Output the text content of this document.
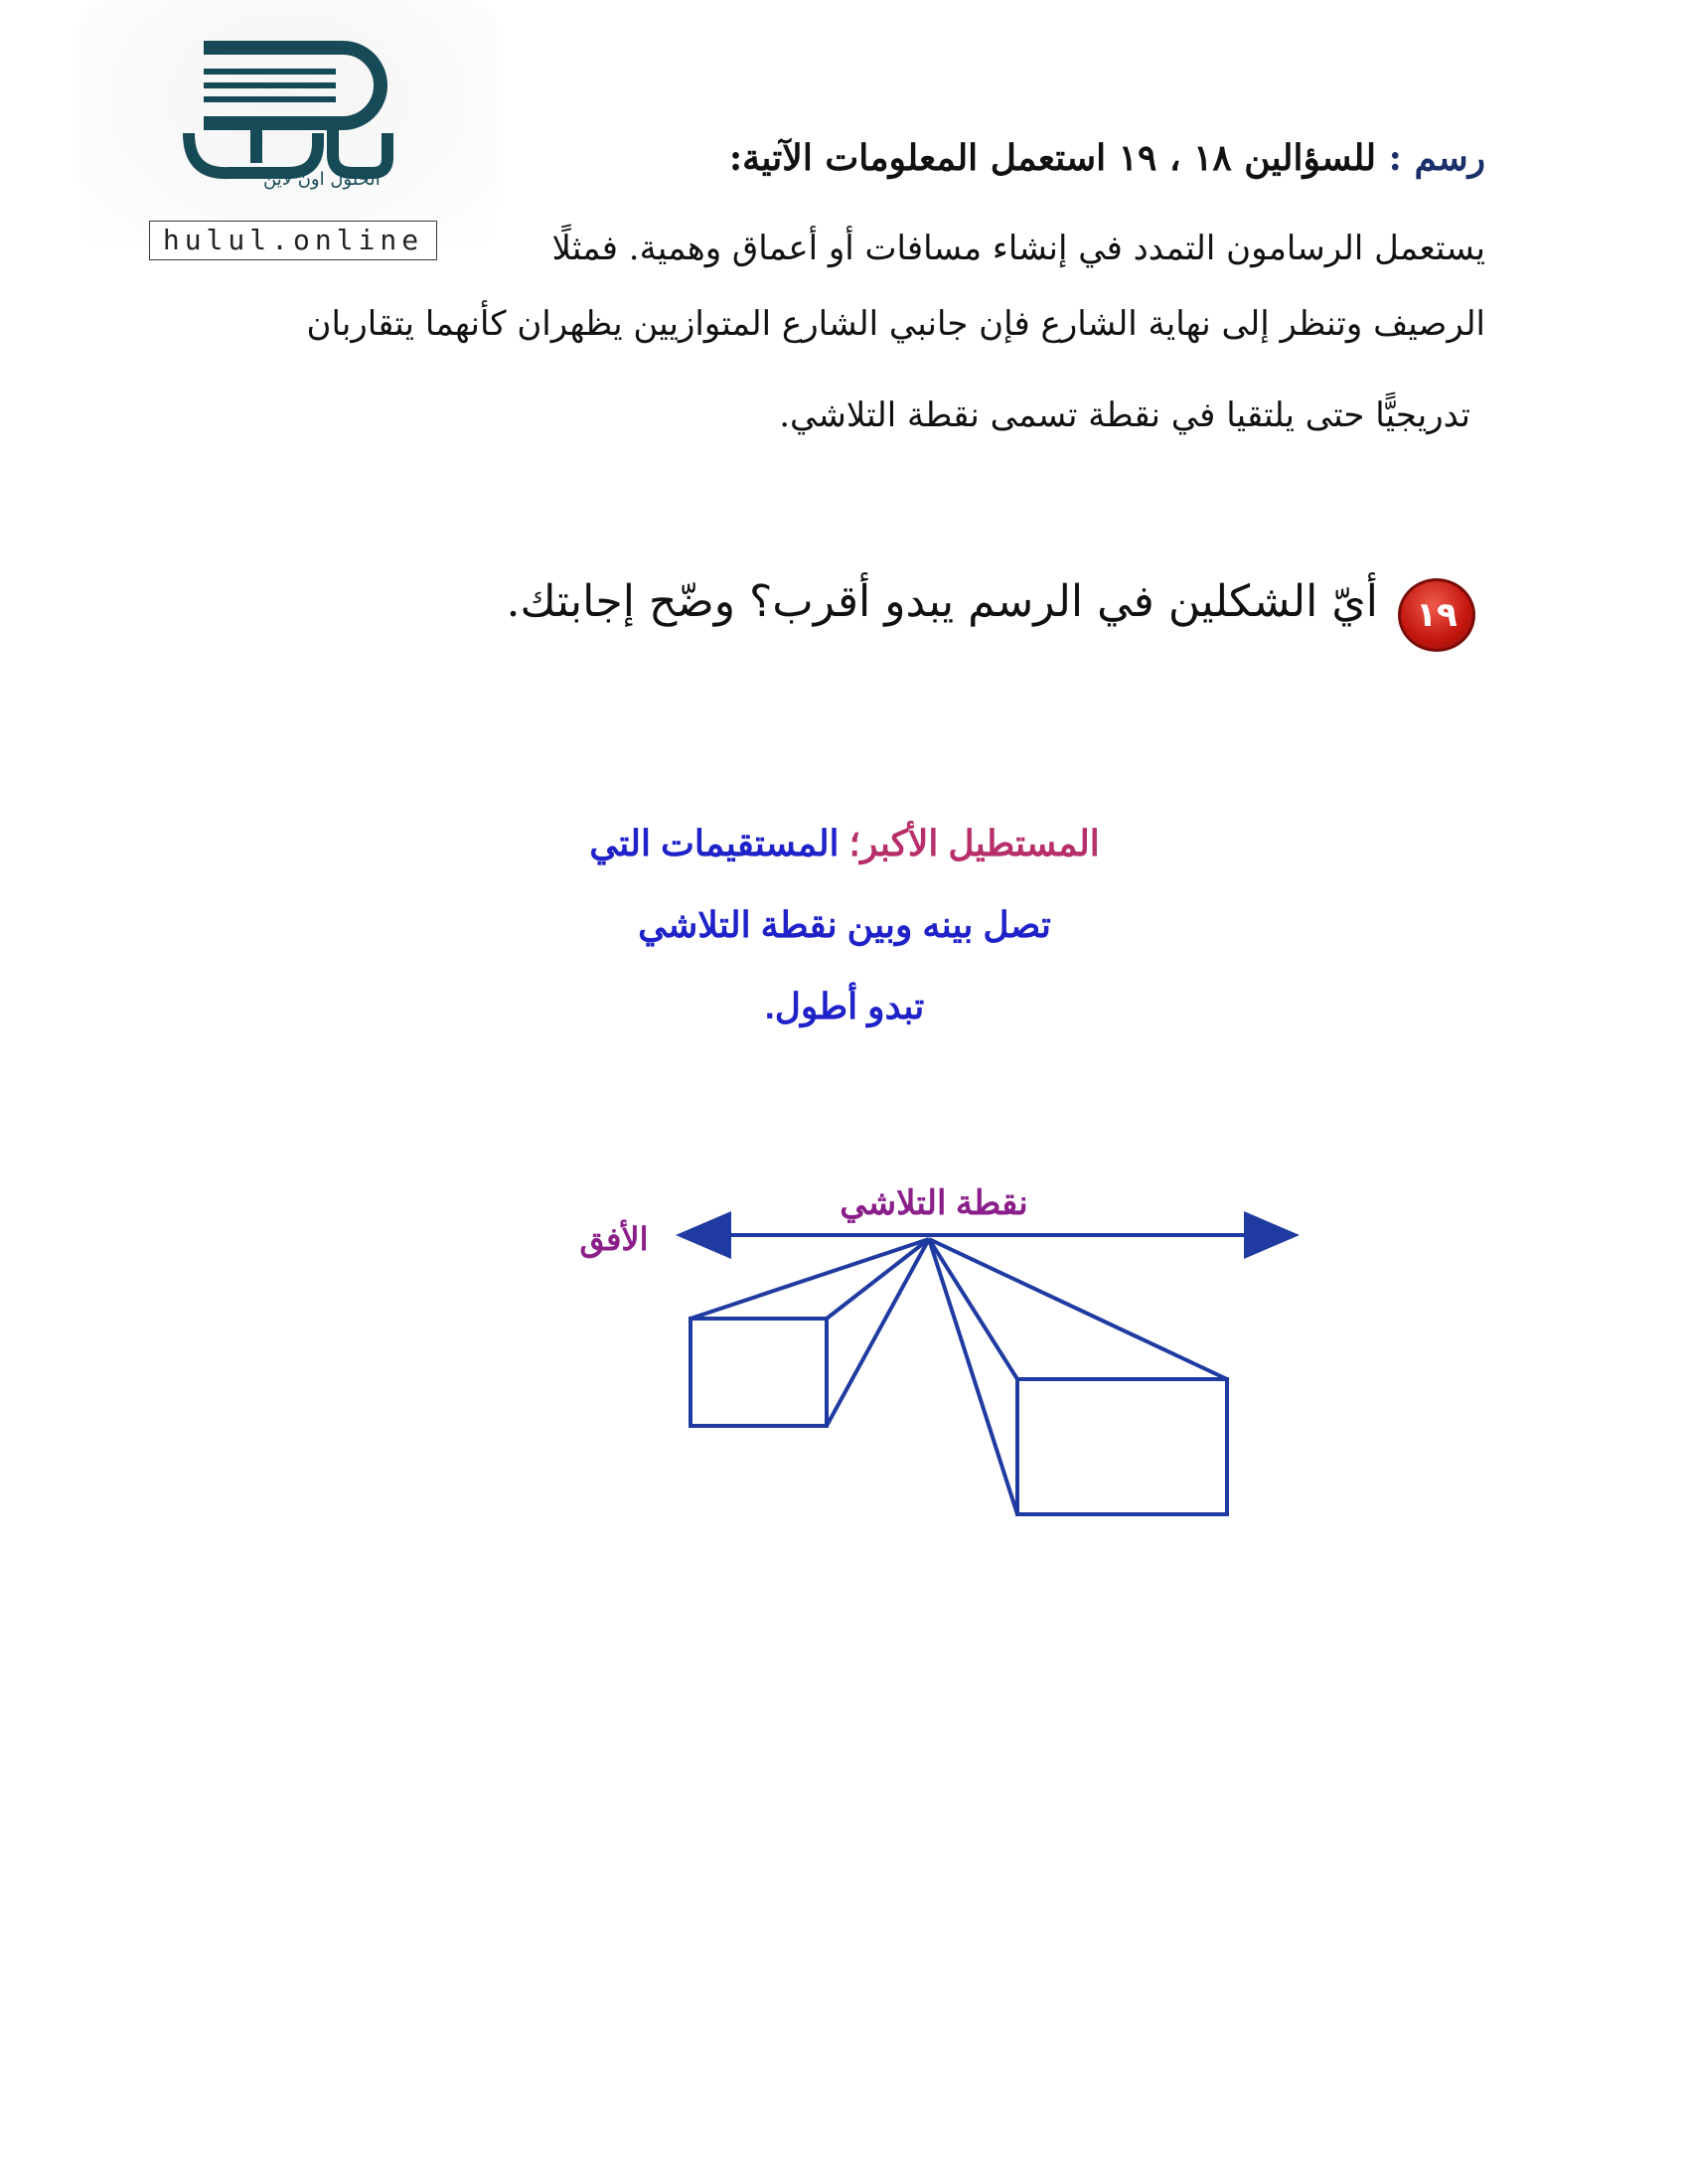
الحلول اون لاين
hulul.online
رسم : للسؤالين ١٨ ، ١٩ استعمل المعلومات الآتية:
يستعمل الرسامون التمدد في إنشاء مسافات أو أعماق وهمية. فمثلًا
الرصيف وتنظر إلى نهاية الشارع فإن جانبي الشارع المتوازيين يظهران كأنهما يتقاربان
تدريجيًّا حتى يلتقيا في نقطة تسمى نقطة التلاشي.
١٩
أيّ الشكلين في الرسم يبدو أقرب؟ وضّح إجابتك.
المستطيل الأكبر؛ المستقيمات التي
تصل بينه وبين نقطة التلاشي
تبدو أطول.
نقطة التلاشي
الأفق
